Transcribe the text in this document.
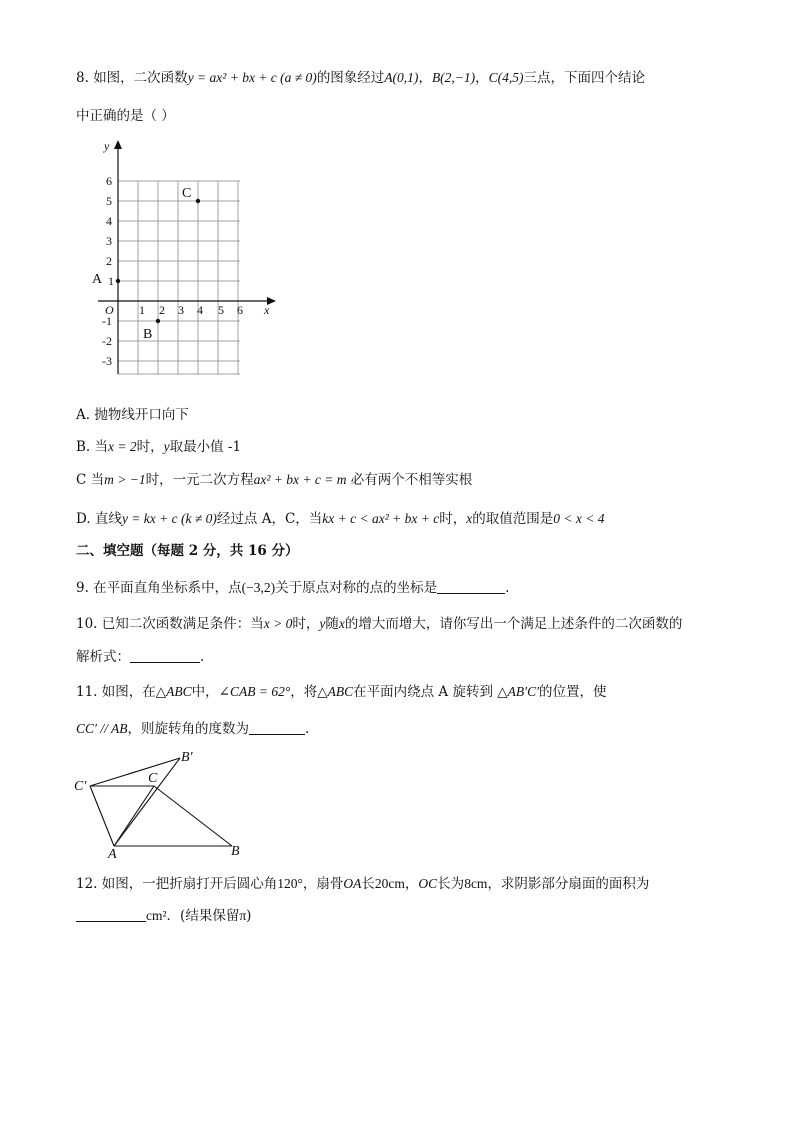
8. 如图，二次函数y = ax² + bx + c (a ≠ 0)的图象经过A(0,1)，B(2,−1)，C(4,5)三点，下面四个结论
中正确的是（ ）
y
x
O
6
5
4
3
2
1
-1
-2
-3
1 2 3 4 5 6
A
B
C
A. 抛物线开口向下
B. 当x = 2时，y取最小值 -1
C 当m > −1时，一元二次方程ax² + bx + c = m 必有两个不相等实根
D. 直线y = kx + c (k ≠ 0)经过点 A，C，当kx + c < ax² + bx + c时，x的取值范围是0 < x < 4
二、填空题（每题 2 分，共 16 分）
9. 在平面直角坐标系中，点(−3,2)关于原点对称的点的坐标是	.
10. 已知二次函数满足条件：当x > 0时，y随x的增大而增大，请你写出一个满足上述条件的二次函数的
解析式：	.
11. 如图，在△ABC中，∠CAB = 62°，将△ABC在平面内绕点 A 旋转到 △AB′C′的位置，使
CC′ // AB，则旋转角的度数为	.
C′
C
B′
A	B
12. 如图，一把折扇打开后圆心角120°，扇骨OA长20cm，OC长为8cm，求阴影部分扇面的面积为
cm²．(结果保留π)
